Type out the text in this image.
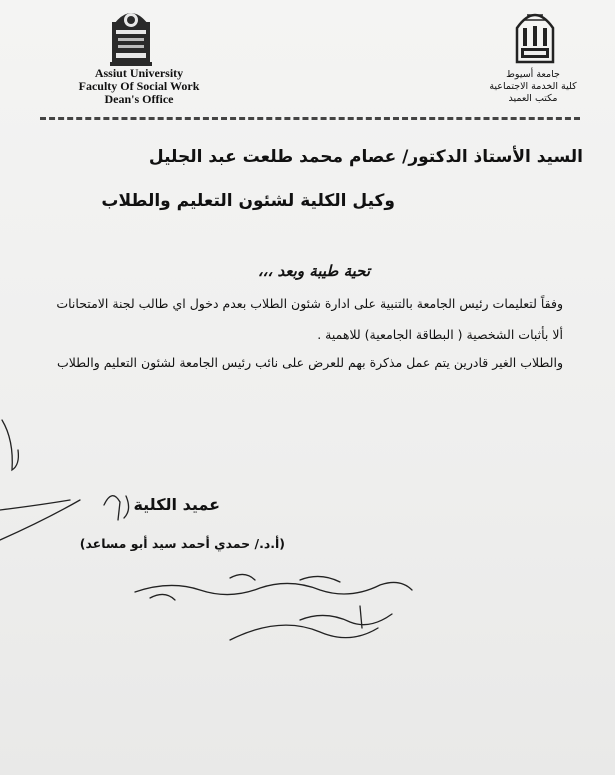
Assiut University
Faculty Of Social Work
Dean's Office
جامعة أسيوط
كلية الخدمة الاجتماعية
مكتب العميد
السيد الأستاذ الدكتور/ عصام محمد طلعت عبد الجليل
وكيل الكلية لشئون التعليم والطلاب
تحية طيبة وبعد ،،،
وفقاً لتعليمات رئيس الجامعة بالتنبية على ادارة شئون الطلاب بعدم دخول اي طالب لجنة الامتحانات
ألا بأثبات الشخصية ( البطاقة الجامعية) للاهمية .
والطلاب الغير قادرين يتم عمل مذكرة بهم للعرض على نائب رئيس الجامعة لشئون التعليم والطلاب
عميد الكلية
(أ.د./ حمدي أحمد سيد أبو مساعد)
